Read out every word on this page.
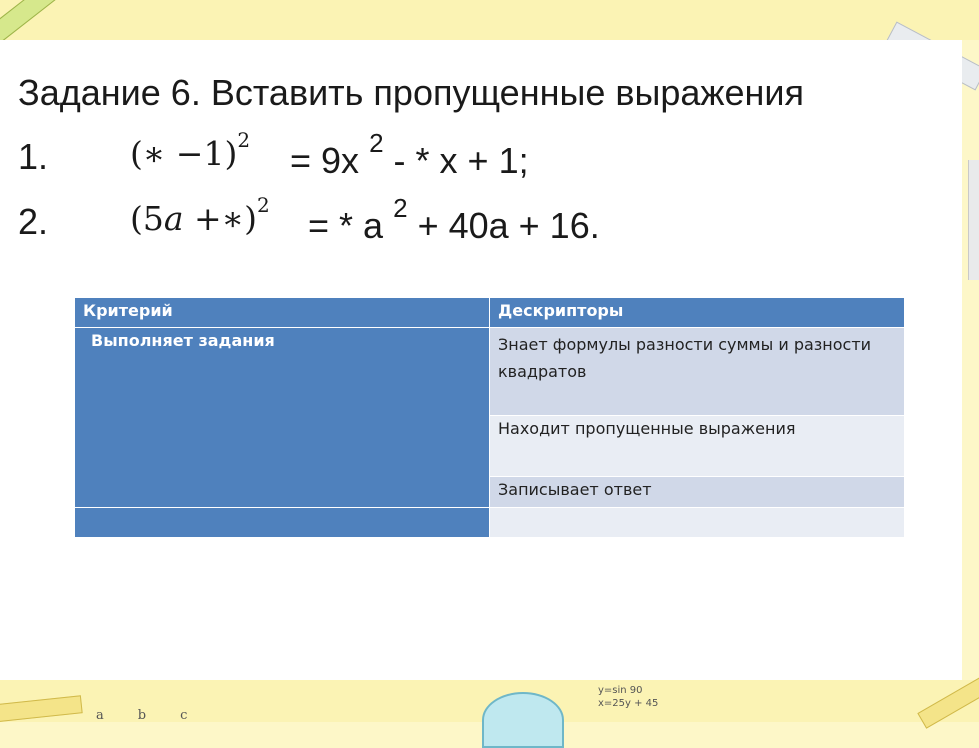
Задание 6. Вставить пропущенные выражения
1. (∗ −1)$^2$ = 9x $^2$ - * x + 1;
2. (5𝑎 +∗)$^2$ = * a $^2$ + 40a + 16.
Критерий	Дескрипторы
Выполняет задания	Знает формулы разности суммы и разности квадратов
	Находит пропущенные выражения
	Записывает ответ

y=sin 90
x=25y + 45
a	b	c
